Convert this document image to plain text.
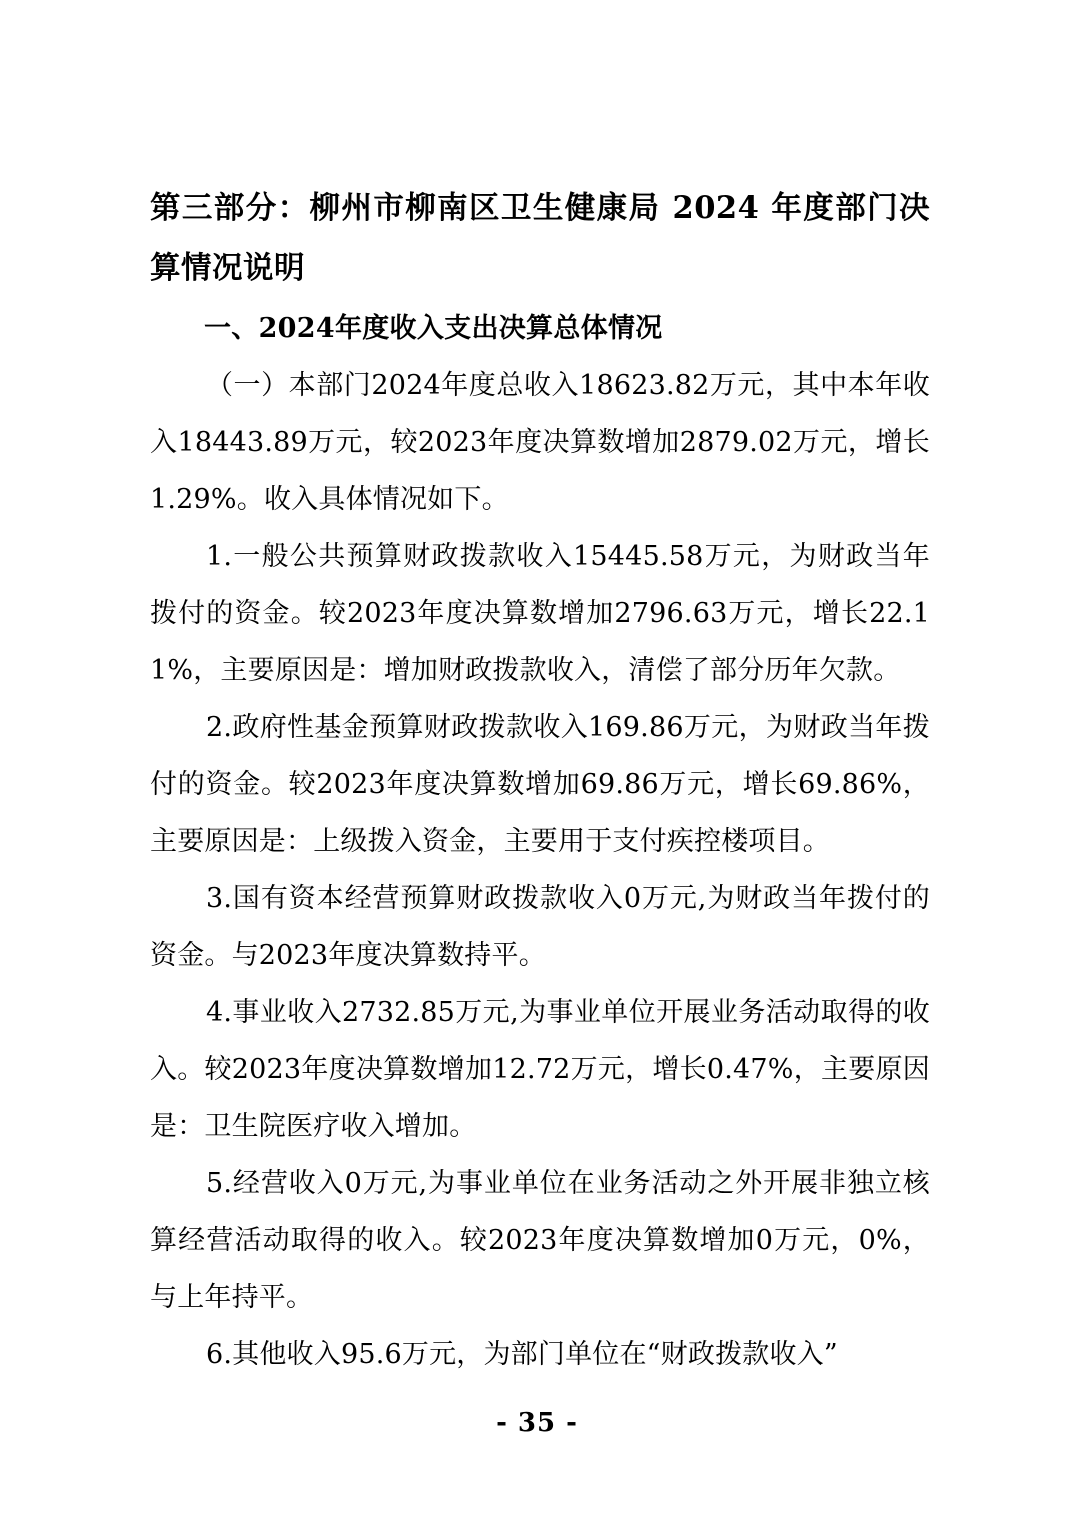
第三部分：柳州市柳南区卫生健康局 2024 年度部门决算情况说明
一、2024年度收入支出决算总体情况

（一）本部门2024年度总收入18623.82万元，其中本年收入18443.89万元，较2023年度决算数增加2879.02万元，增长1.29%。收入具体情况如下。

1.一般公共预算财政拨款收入15445.58万元，为财政当年拨付的资金。较2023年度决算数增加2796.63万元，增长22.11%，主要原因是：增加财政拨款收入，清偿了部分历年欠款。

2.政府性基金预算财政拨款收入169.86万元，为财政当年拨付的资金。较2023年度决算数增加69.86万元，增长69.86%，主要原因是：上级拨入资金，主要用于支付疾控楼项目。

3.国有资本经营预算财政拨款收入0万元,为财政当年拨付的资金。与2023年度决算数持平。

4.事业收入2732.85万元,为事业单位开展业务活动取得的收入。较2023年度决算数增加12.72万元，增长0.47%，主要原因是：卫生院医疗收入增加。

5.经营收入0万元,为事业单位在业务活动之外开展非独立核算经营活动取得的收入。较2023年度决算数增加0万元，0%，与上年持平。

6.其他收入95.6万元，为部门单位在“财政拨款收入”

- 35 -
